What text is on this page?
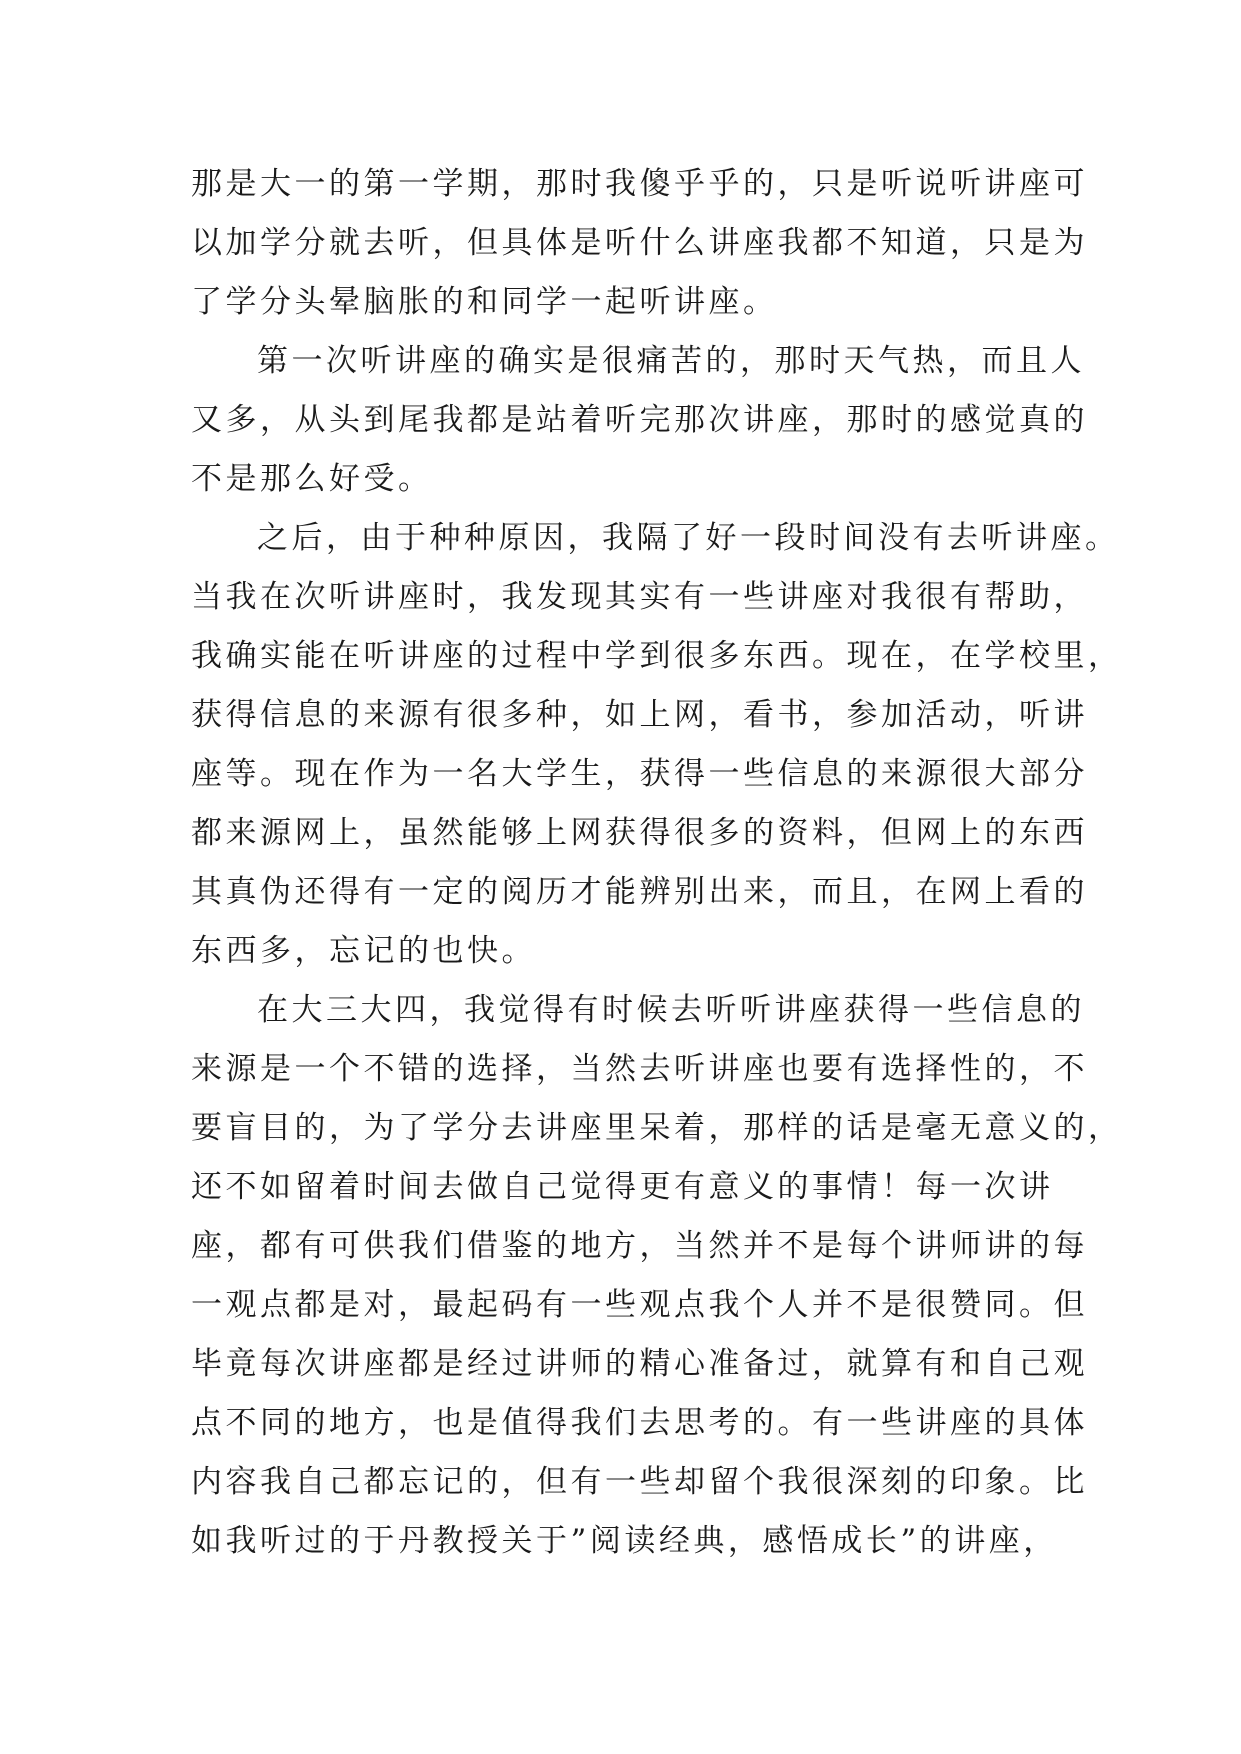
那是大一的第一学期，那时我傻乎乎的，只是听说听讲座可
以加学分就去听，但具体是听什么讲座我都不知道，只是为
了学分头晕脑胀的和同学一起听讲座。
第一次听讲座的确实是很痛苦的，那时天气热，而且人
又多，从头到尾我都是站着听完那次讲座，那时的感觉真的
不是那么好受。
之后，由于种种原因，我隔了好一段时间没有去听讲座。
当我在次听讲座时，我发现其实有一些讲座对我很有帮助，
我确实能在听讲座的过程中学到很多东西。现在，在学校里，
获得信息的来源有很多种，如上网，看书，参加活动，听讲
座等。现在作为一名大学生，获得一些信息的来源很大部分
都来源网上，虽然能够上网获得很多的资料，但网上的东西
其真伪还得有一定的阅历才能辨别出来，而且，在网上看的
东西多，忘记的也快。
在大三大四，我觉得有时候去听听讲座获得一些信息的
来源是一个不错的选择，当然去听讲座也要有选择性的，不
要盲目的，为了学分去讲座里呆着，那样的话是毫无意义的，
还不如留着时间去做自己觉得更有意义的事情！每一次讲
座，都有可供我们借鉴的地方，当然并不是每个讲师讲的每
一观点都是对，最起码有一些观点我个人并不是很赞同。但
毕竟每次讲座都是经过讲师的精心准备过，就算有和自己观
点不同的地方，也是值得我们去思考的。有一些讲座的具体
内容我自己都忘记的，但有一些却留个我很深刻的印象。比
如我听过的于丹教授关于”阅读经典，感悟成长”的讲座，
